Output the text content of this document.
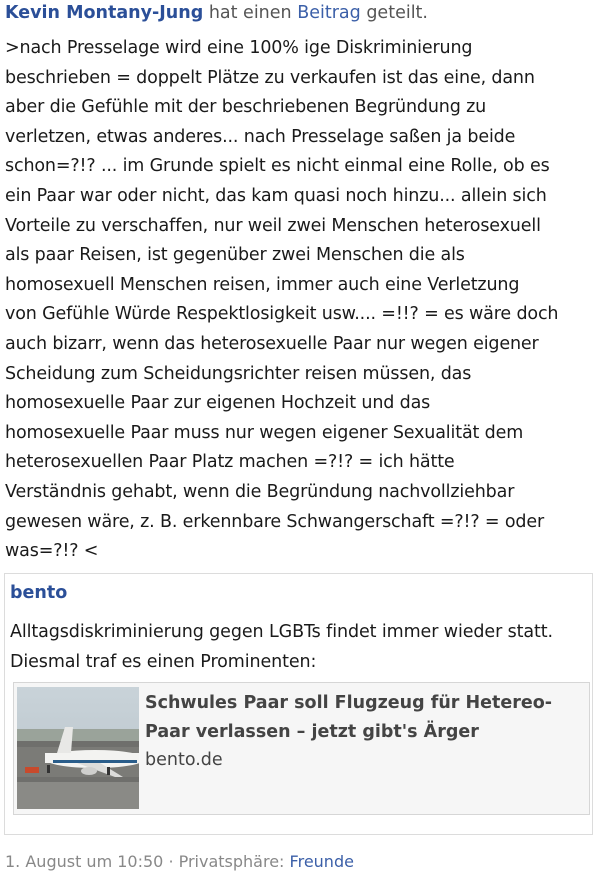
Kevin Montany-Jung hat einen Beitrag geteilt.
>nach Presselage wird eine 100% ige Diskriminierung
beschrieben = doppelt Plätze zu verkaufen ist das eine, dann
aber die Gefühle mit der beschriebenen Begründung zu
verletzen, etwas anderes... nach Presselage saßen ja beide
schon=?!? ... im Grunde spielt es nicht einmal eine Rolle, ob es
ein Paar war oder nicht, das kam quasi noch hinzu... allein sich
Vorteile zu verschaffen, nur weil zwei Menschen heterosexuell
als paar Reisen, ist gegenüber zwei Menschen die als
homosexuell Menschen reisen, immer auch eine Verletzung
von Gefühle Würde Respektlosigkeit usw.... =!!? = es wäre doch
auch bizarr, wenn das heterosexuelle Paar nur wegen eigener
Scheidung zum Scheidungsrichter reisen müssen, das
homosexuelle Paar zur eigenen Hochzeit und das
homosexuelle Paar muss nur wegen eigener Sexualität dem
heterosexuellen Paar Platz machen =?!? = ich hätte
Verständnis gehabt, wenn die Begründung nachvollziehbar
gewesen wäre, z. B. erkennbare Schwangerschaft =?!? = oder
was=?!? <
bento
Alltagsdiskriminierung gegen LGBTs findet immer wieder statt. Diesmal traf es einen Prominenten:
Schwules Paar soll Flugzeug für Hetereo-Paar verlassen – jetzt gibt's Ärger
bento.de
1. August um 10:50 · Privatsphäre: Freunde
